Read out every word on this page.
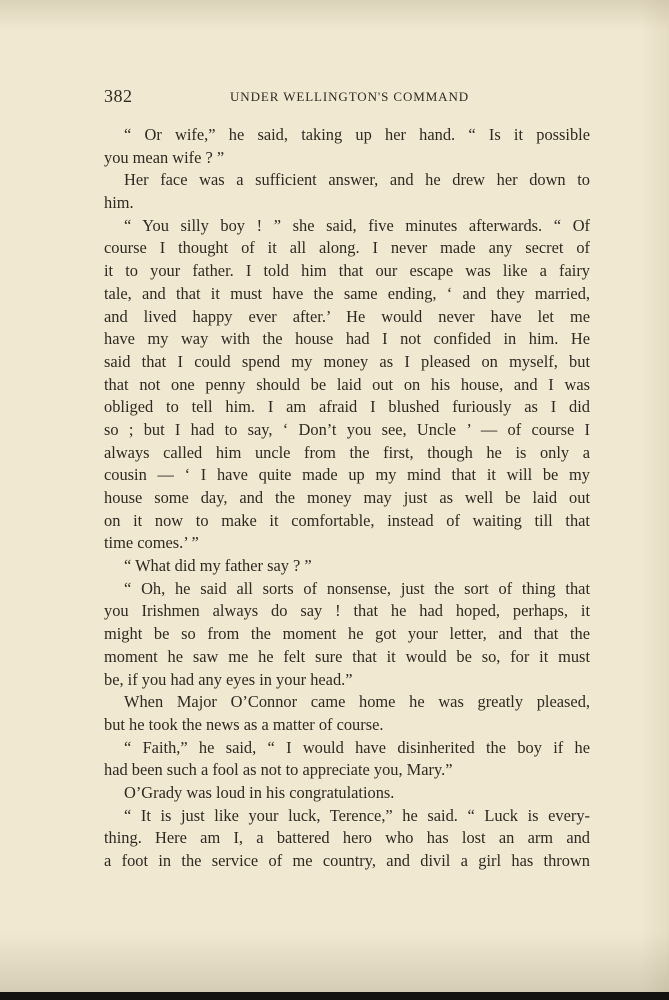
382	UNDER WELLINGTON'S COMMAND
“ Or wife,” he said, taking up her hand. “ Is it possible
you mean wife ? ”
Her face was a sufficient answer, and he drew her down to
him.
“ You silly boy ! ” she said, five minutes afterwards. “ Of
course I thought of it all along. I never made any secret of
it to your father. I told him that our escape was like a fairy
tale, and that it must have the same ending, ‘ and they married,
and lived happy ever after.’ He would never have let me
have my way with the house had I not confided in him. He
said that I could spend my money as I pleased on myself, but
that not one penny should be laid out on his house, and I was
obliged to tell him. I am afraid I blushed furiously as I did
so ; but I had to say, ‘ Don’t you see, Uncle ’ — of course I
always called him uncle from the first, though he is only a
cousin — ‘ I have quite made up my mind that it will be my
house some day, and the money may just as well be laid out
on it now to make it comfortable, instead of waiting till that
time comes.’ ”
“ What did my father say ? ”
“ Oh, he said all sorts of nonsense, just the sort of thing that
you Irishmen always do say ! that he had hoped, perhaps, it
might be so from the moment he got your letter, and that the
moment he saw me he felt sure that it would be so, for it must
be, if you had any eyes in your head.”
When Major O’Connor came home he was greatly pleased,
but he took the news as a matter of course.
“ Faith,” he said, “ I would have disinherited the boy if he
had been such a fool as not to appreciate you, Mary.”
O’Grady was loud in his congratulations.
“ It is just like your luck, Terence,” he said. “ Luck is every-
thing. Here am I, a battered hero who has lost an arm and
a foot in the service of me country, and divil a girl has thrown
